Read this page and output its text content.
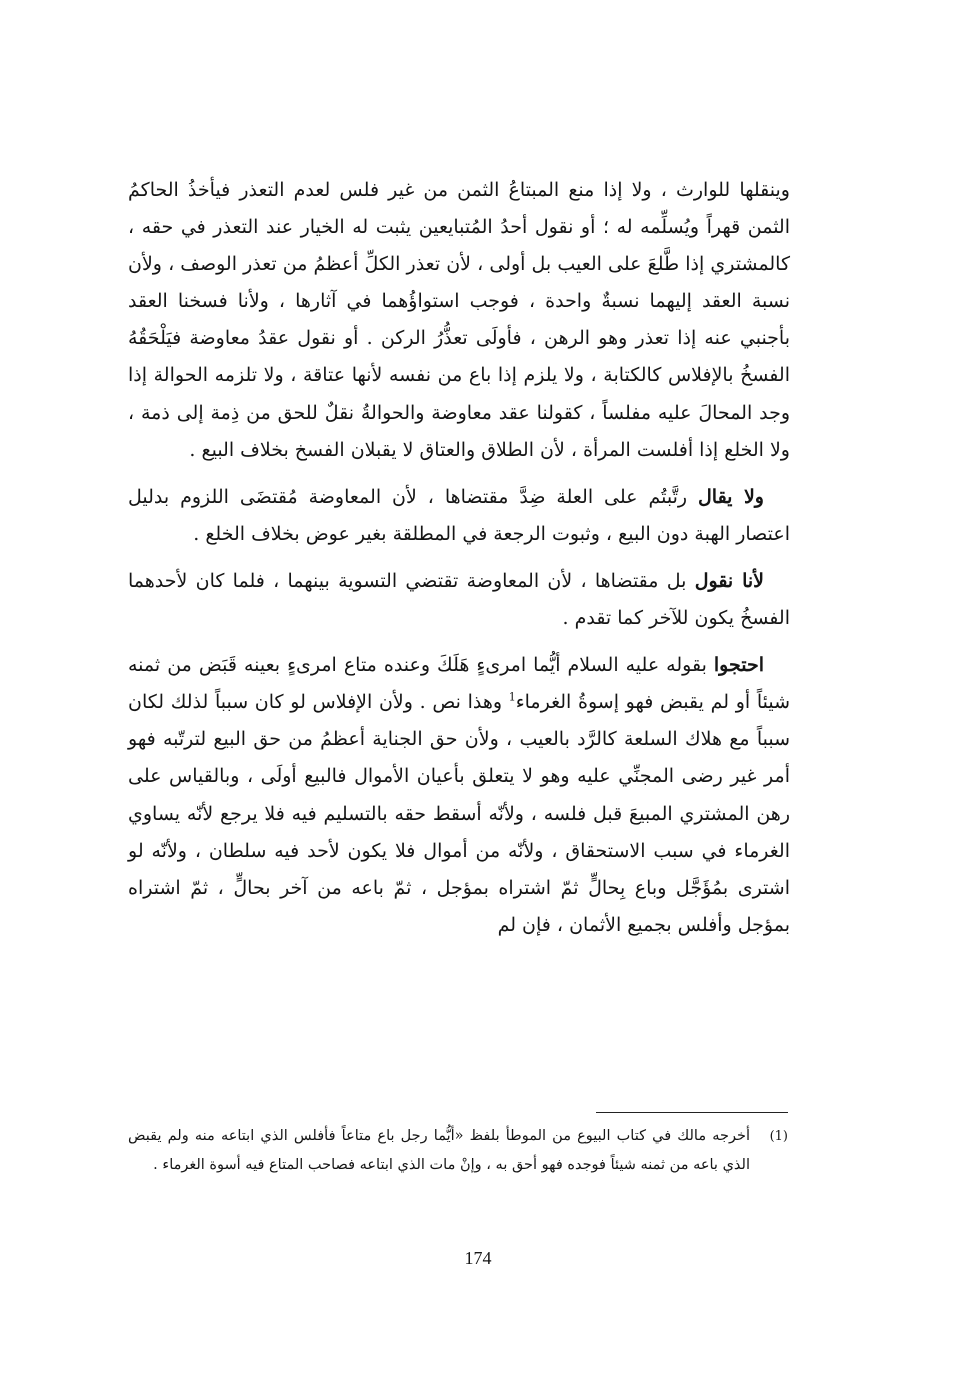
وينقلها للوارث ، ولا إذا منع المبتاعُ الثمن من غير فلس لعدم التعذر فيأخذُ الحاكمُ الثمن قهراً ويُسلِّمه له ؛ أو نقول أحدُ المُتبايعين يثبت له الخيار عند التعذر في حقه ، كالمشتري إذا طَّلعَ على العيب بل أولى ، لأن تعذر الكلِّ أعظمُ من تعذر الوصف ، ولأن نسبة العقد إليهما نسبةٌ واحدة ، فوجب استواؤُهما في آثارها ، ولأنا فسخنا العقد بأجنبي عنه إذا تعذر وهو الرهن ، فأولَى تعذُّرُ الركن . أو نقول عقدُ معاوضة فيَلْحَقُهُ الفسخُ بالإفلاس كالكتابة ، ولا يلزم إذا باع من نفسه لأنها عتاقة ، ولا تلزمه الحوالة إذا وجد المحالَ عليه مفلساً ، كقولنا عقد معاوضة والحوالةُ نقلٌ للحق من ذِمة إلى ذمة ، ولا الخلع إذا أفلست المرأة ، لأن الطلاق والعتاق لا يقبلان الفسخ بخلاف البيع .

ولا يقال رتَّبتُم على العلة ضِدَّ مقتضاها ، لأن المعاوضة مُقتضَى اللزوم بدليل اعتصار الهبة دون البيع ، وثبوت الرجعة في المطلقة بغير عوض بخلاف الخلع .

لأنا نقول بل مقتضاها ، لأن المعاوضة تقتضي التسوية بينهما ، فلما كان لأحدهما الفسخُ يكون للآخر كما تقدم .

احتجوا بقوله عليه السلام أيُّما امرىءٍ هَلَكَ وعنده متاع امرىءٍ بعينه قَبَض من ثمنه شيئاً أو لم يقبض فهو إسوةُ الغرماء$^1$ وهذا نص . ولأن الإفلاس لو كان سبباً لذلك لكان سبباً مع هلاك السلعة كالرَّد بالعيب ، ولأن حق الجناية أعظمُ من حق البيع لترتّبه فهو أمر غير رضى المجنِّي عليه وهو لا يتعلق بأعيان الأموال فالبيع أولَى ، وبالقياس على رهن المشتري المبيعَ قبل فلسه ، ولأنّه أسقط حقه بالتسليم فيه فلا يرجع لأنّه يساوي الغرماء في سبب الاستحقاق ، ولأنّه من أموال فلا يكون لأحد فيه سلطان ، ولأنّه لو اشترى بمُؤَجَّل وباع بِحالٍّ ثمّ اشتراه بمؤجل ، ثمّ باعه من آخر بحالٍّ ، ثمّ اشتراه بمؤجل وأفلس بجميع الأثمان ، فإن لم

(1)
أخرجه مالك في كتاب البيوع من الموطأ بلفظ «أيُّما رجل باع متاعاً فأفلس الذي ابتاعه منه ولم يقبض الذي باعه من ثمنه شيئاً فوجده فهو أحق به ، وإنْ مات الذي ابتاعه فصاحب المتاع فيه أسوة الغرماء .
174
